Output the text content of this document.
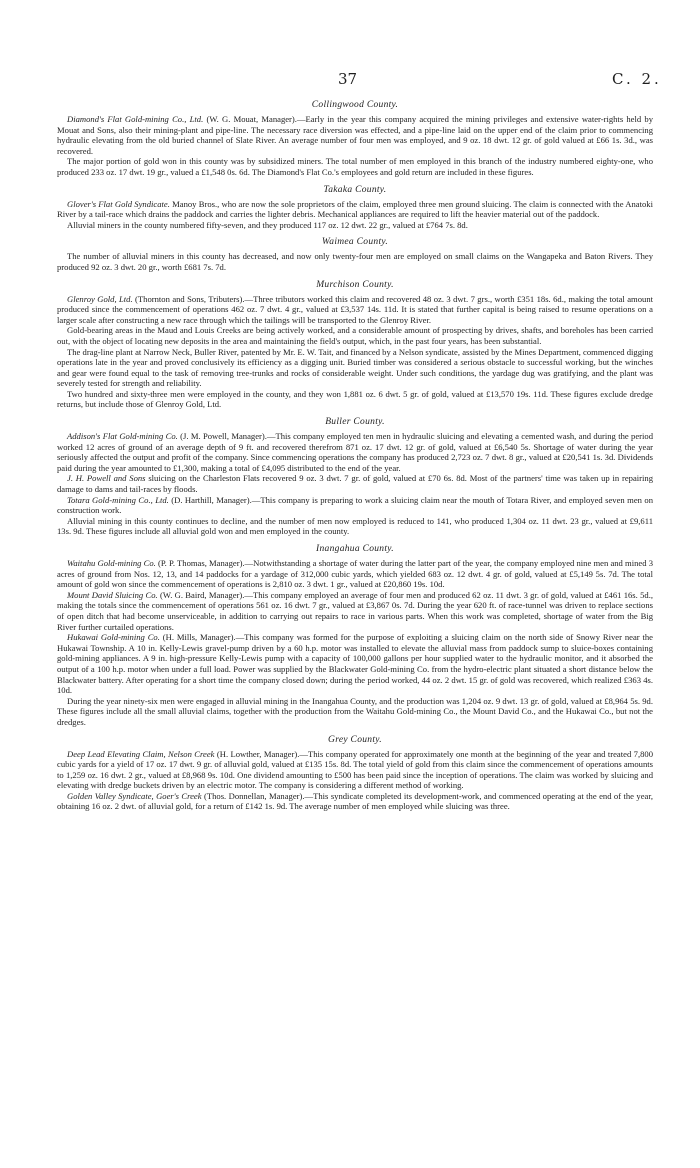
37	C. 2.

Collingwood County.

Diamond's Flat Gold-mining Co., Ltd. (W. G. Mouat, Manager).—Early in the year this company acquired the mining privileges and extensive water-rights held by Mouat and Sons, also their mining-plant and pipe-line. The necessary race diversion was effected, and a pipe-line laid on the upper end of the claim prior to commencing hydraulic elevating from the old buried channel of Slate River. An average number of four men was employed, and 9 oz. 18 dwt. 12 gr. of gold valued at £66 1s. 3d., was recovered.

The major portion of gold won in this county was by subsidized miners. The total number of men employed in this branch of the industry numbered eighty-one, who produced 233 oz. 17 dwt. 19 gr., valued a £1,548 0s. 6d. The Diamond's Flat Co.'s employees and gold return are included in these figures.

Takaka County.

Glover's Flat Gold Syndicate. Manoy Bros., who are now the sole proprietors of the claim, employed three men ground sluicing. The claim is connected with the Anatoki River by a tail-race which drains the paddock and carries the lighter debris. Mechanical appliances are required to lift the heavier material out of the paddock.

Alluvial miners in the county numbered fifty-seven, and they produced 117 oz. 12 dwt. 22 gr., valued at £764 7s. 8d.

Waimea County.

The number of alluvial miners in this county has decreased, and now only twenty-four men are employed on small claims on the Wangapeka and Baton Rivers. They produced 92 oz. 3 dwt. 20 gr., worth £681 7s. 7d.

Murchison County.

Glenroy Gold, Ltd. (Thornton and Sons, Tributers).—Three tributors worked this claim and recovered 48 oz. 3 dwt. 7 grs., worth £351 18s. 6d., making the total amount produced since the commencement of operations 462 oz. 7 dwt. 4 gr., valued at £3,537 14s. 11d. It is stated that further capital is being raised to resume operations on a larger scale after constructing a new race through which the tailings will be transported to the Glenroy River.

Gold-bearing areas in the Maud and Louis Creeks are being actively worked, and a considerable amount of prospecting by drives, shafts, and boreholes has been carried out, with the object of locating new deposits in the area and maintaining the field's output, which, in the past four years, has been substantial.

The drag-line plant at Narrow Neck, Buller River, patented by Mr. E. W. Tait, and financed by a Nelson syndicate, assisted by the Mines Department, commenced digging operations late in the year and proved conclusively its efficiency as a digging unit. Buried timber was considered a serious obstacle to successful working, but the winches and gear were found equal to the task of removing tree-trunks and rocks of considerable weight. Under such conditions, the yardage dug was gratifying, and the plant was severely tested for strength and reliability.

Two hundred and sixty-three men were employed in the county, and they won 1,881 oz. 6 dwt. 5 gr. of gold, valued at £13,570 19s. 11d. These figures exclude dredge returns, but include those of Glenroy Gold, Ltd.

Buller County.

Addison's Flat Gold-mining Co. (J. M. Powell, Manager).—This company employed ten men in hydraulic sluicing and elevating a cemented wash, and during the period worked 12 acres of ground of an average depth of 9 ft. and recovered therefrom 871 oz. 17 dwt. 12 gr. of gold, valued at £6,540 5s. Shortage of water during the year seriously affected the output and profit of the company. Since commencing operations the company has produced 2,723 oz. 7 dwt. 8 gr., valued at £20,541 1s. 3d. Dividends paid during the year amounted to £1,300, making a total of £4,095 distributed to the end of the year.

J. H. Powell and Sons sluicing on the Charleston Flats recovered 9 oz. 3 dwt. 7 gr. of gold, valued at £70 6s. 8d. Most of the partners' time was taken up in repairing damage to dams and tail-races by floods.

Totara Gold-mining Co., Ltd. (D. Harthill, Manager).—This company is preparing to work a sluicing claim near the mouth of Totara River, and employed seven men on construction work.

Alluvial mining in this county continues to decline, and the number of men now employed is reduced to 141, who produced 1,304 oz. 11 dwt. 23 gr., valued at £9,611 13s. 9d. These figures include all alluvial gold won and men employed in the county.

Inangahua County.

Waitahu Gold-mining Co. (P. P. Thomas, Manager).—Notwithstanding a shortage of water during the latter part of the year, the company employed nine men and mined 3 acres of ground from Nos. 12, 13, and 14 paddocks for a yardage of 312,000 cubic yards, which yielded 683 oz. 12 dwt. 4 gr. of gold, valued at £5,149 5s. 7d. The total amount of gold won since the commencement of operations is 2,810 oz. 3 dwt. 1 gr., valued at £20,860 19s. 10d.

Mount David Sluicing Co. (W. G. Baird, Manager).—This company employed an average of four men and produced 62 oz. 11 dwt. 3 gr. of gold, valued at £461 16s. 5d., making the totals since the commencement of operations 561 oz. 16 dwt. 7 gr., valued at £3,867 0s. 7d. During the year 620 ft. of race-tunnel was driven to replace sections of open ditch that had become unserviceable, in addition to carrying out repairs to race in various parts. When this work was completed, shortage of water from the Big River further curtailed operations.

Hukawai Gold-mining Co. (H. Mills, Manager).—This company was formed for the purpose of exploiting a sluicing claim on the north side of Snowy River near the Hukawai Township. A 10 in. Kelly-Lewis gravel-pump driven by a 60 h.p. motor was installed to elevate the alluvial mass from paddock sump to sluice-boxes containing gold-mining appliances. A 9 in. high-pressure Kelly-Lewis pump with a capacity of 100,000 gallons per hour supplied water to the hydraulic monitor, and it absorbed the output of a 100 h.p. motor when under a full load. Power was supplied by the Blackwater Gold-mining Co. from the hydro-electric plant situated a short distance below the Blackwater battery. After operating for a short time the company closed down; during the period worked, 44 oz. 2 dwt. 15 gr. of gold was recovered, which realized £363 4s. 10d.

During the year ninety-six men were engaged in alluvial mining in the Inangahua County, and the production was 1,204 oz. 9 dwt. 13 gr. of gold, valued at £8,964 5s. 9d. These figures include all the small alluvial claims, together with the production from the Waitahu Gold-mining Co., the Mount David Co., and the Hukawai Co., but not the dredges.

Grey County.

Deep Lead Elevating Claim, Nelson Creek (H. Lowther, Manager).—This company operated for approximately one month at the beginning of the year and treated 7,800 cubic yards for a yield of 17 oz. 17 dwt. 9 gr. of alluvial gold, valued at £135 15s. 8d. The total yield of gold from this claim since the commencement of operations amounts to 1,259 oz. 16 dwt. 2 gr., valued at £8,968 9s. 10d. One dividend amounting to £500 has been paid since the inception of operations. The claim was worked by sluicing and elevating with dredge buckets driven by an electric motor. The company is considering a different method of working.

Golden Valley Syndicate, Goer's Creek (Thos. Donnellan, Manager).—This syndicate completed its development-work, and commenced operating at the end of the year, obtaining 16 oz. 2 dwt. of alluvial gold, for a return of £142 1s. 9d. The average number of men employed while sluicing was three.
